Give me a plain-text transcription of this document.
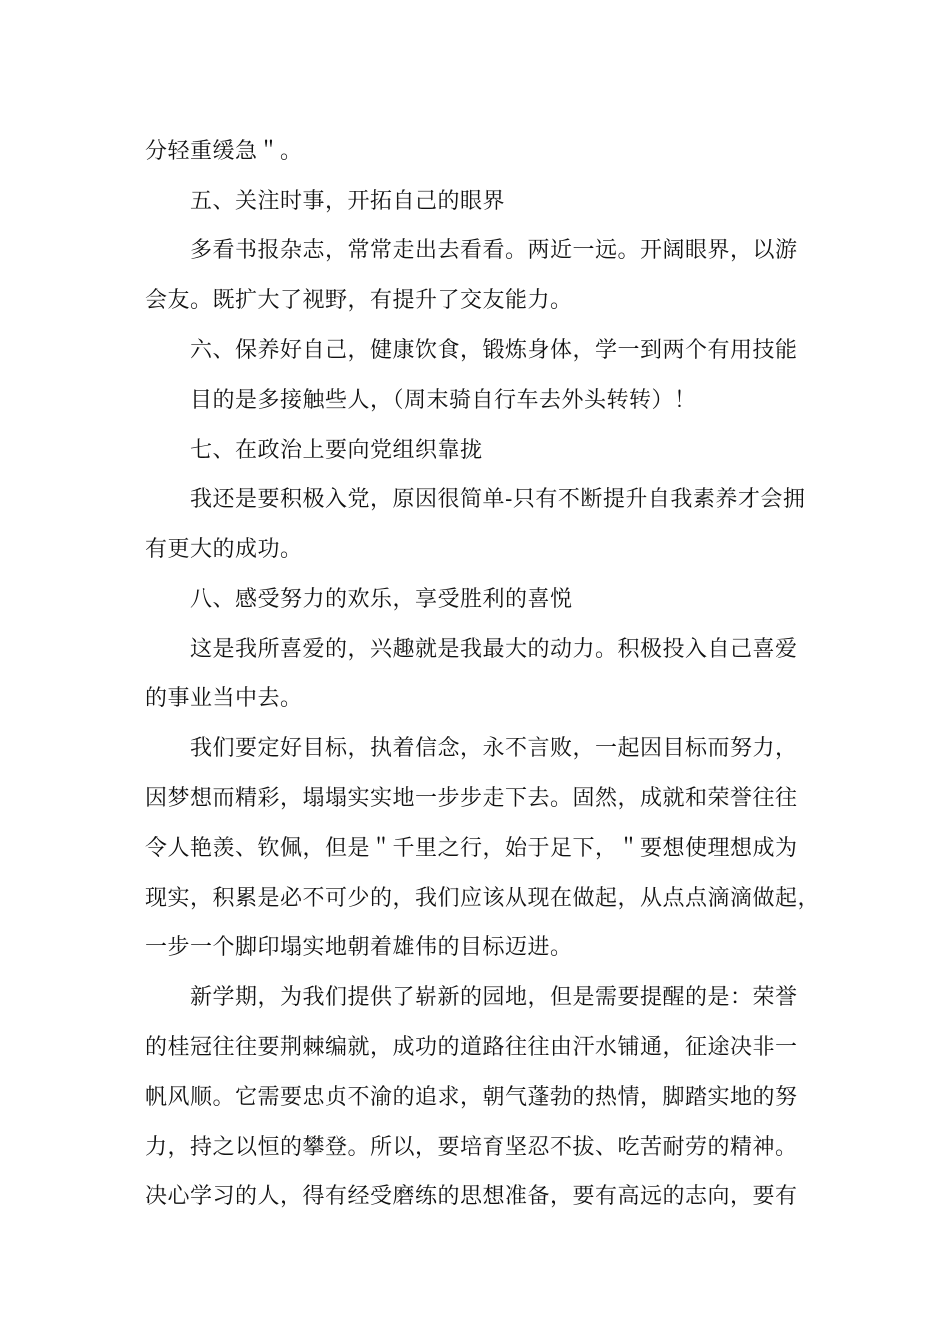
分轻重缓急＂。
五、关注时事，开拓自己的眼界
多看书报杂志，常常走出去看看。两近一远。开阔眼界，以游
会友。既扩大了视野，有提升了交友能力。
六、保养好自己，健康饮食，锻炼身体，学一到两个有用技能
目的是多接触些人，（周末骑自行车去外头转转）！
七、在政治上要向党组织靠拢
我还是要积极入党，原因很简单-只有不断提升自我素养才会拥
有更大的成功。
八、感受努力的欢乐，享受胜利的喜悦
这是我所喜爱的，兴趣就是我最大的动力。积极投入自己喜爱
的事业当中去。
我们要定好目标，执着信念，永不言败，一起因目标而努力，
因梦想而精彩，塌塌实实地一步步走下去。固然，成就和荣誉往往
令人艳羡、钦佩，但是＂千里之行，始于足下，＂要想使理想成为
现实，积累是必不可少的，我们应该从现在做起，从点点滴滴做起，
一步一个脚印塌实地朝着雄伟的目标迈进。
新学期，为我们提供了崭新的园地，但是需要提醒的是：荣誉
的桂冠往往要荆棘编就，成功的道路往往由汗水铺通，征途决非一
帆风顺。它需要忠贞不渝的追求，朝气蓬勃的热情，脚踏实地的努
力，持之以恒的攀登。所以，要培育坚忍不拔、吃苦耐劳的精神。
决心学习的人，得有经受磨练的思想准备，要有高远的志向，要有
